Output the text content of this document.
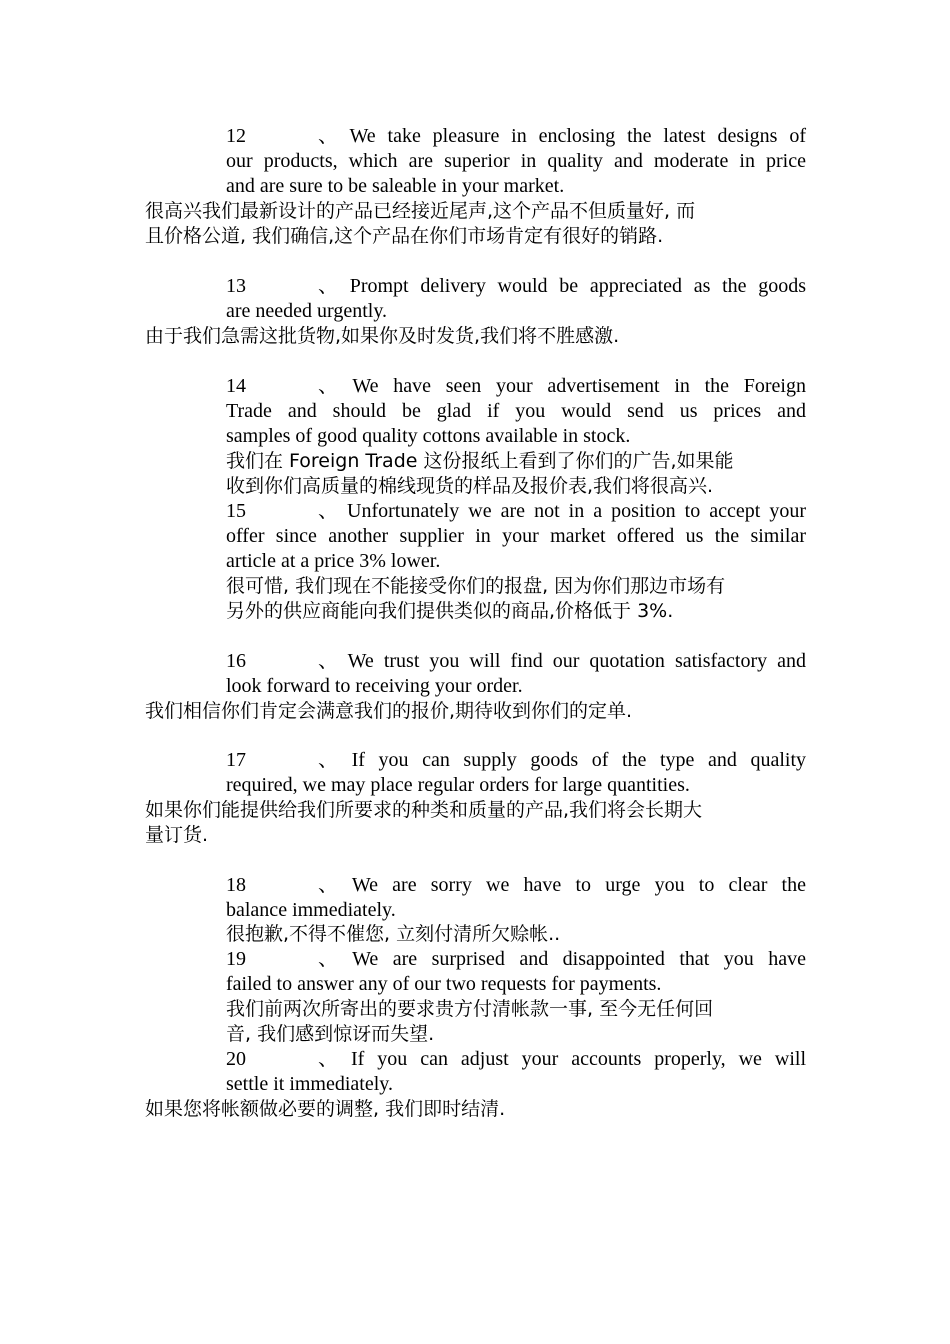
12、 We take pleasure in enclosing the latest designs of
our products, which are superior in quality and moderate in price
and are sure to be saleable in your market.
很高兴我们最新设计的产品已经接近尾声,这个产品不但质量好, 而
且价格公道, 我们确信,这个产品在你们市场肯定有很好的销路.
13、 Prompt delivery would be appreciated as the goods
are needed urgently.
由于我们急需这批货物,如果你及时发货,我们将不胜感激.
14、 We have seen your advertisement in the Foreign
Trade and should be glad if you would send us prices and
samples of good quality cottons available in stock.
我们在 Foreign Trade 这份报纸上看到了你们的广告,如果能
收到你们高质量的棉线现货的样品及报价表,我们将很高兴.
15、 Unfortunately we are not in a position to accept your
offer since another supplier in your market offered us the similar
article at a price 3% lower.
很可惜, 我们现在不能接受你们的报盘, 因为你们那边市场有
另外的供应商能向我们提供类似的商品,价格低于 3%.
16、 We trust you will find our quotation satisfactory and
look forward to receiving your order.
我们相信你们肯定会满意我们的报价,期待收到你们的定单.
17、 If you can supply goods of the type and quality
required, we may place regular orders for large quantities.
如果你们能提供给我们所要求的种类和质量的产品,我们将会长期大
量订货.
18、 We are sorry we have to urge you to clear the
balance immediately.
很抱歉,不得不催您, 立刻付清所欠赊帐..
19、 We are surprised and disappointed that you have
failed to answer any of our two requests for payments.
我们前两次所寄出的要求贵方付清帐款一事, 至今无任何回
音, 我们感到惊讶而失望.
20、 If you can adjust your accounts properly, we will
settle it immediately.
如果您将帐额做必要的调整, 我们即时结清.
